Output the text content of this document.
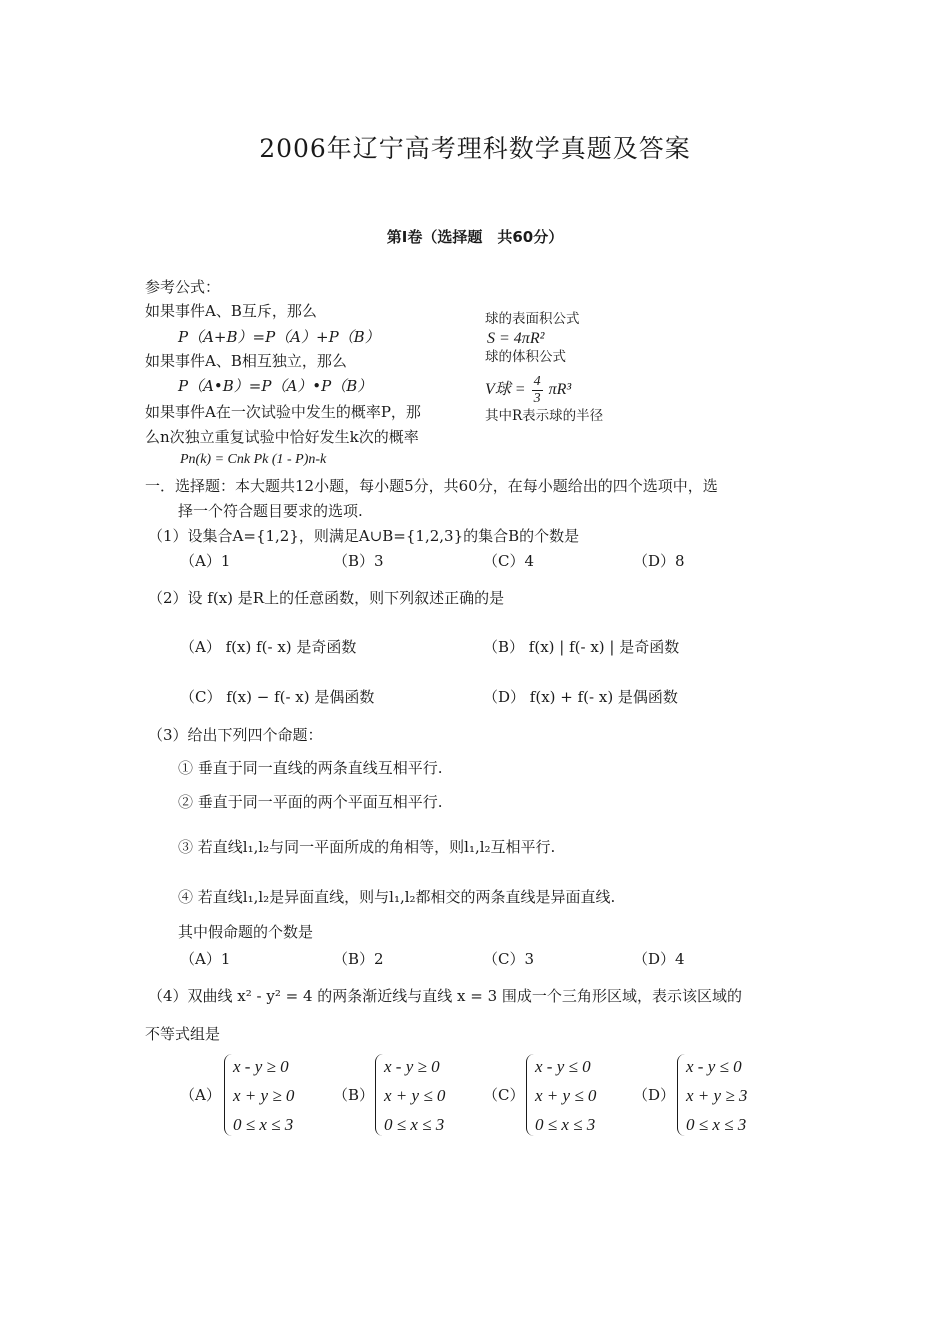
2006年辽宁高考理科数学真题及答案
第I卷（选择题　共60分）
参考公式：
如果事件A、B互斥，那么
P（A+B）=P（A）+P（B）
如果事件A、B相互独立，那么
P（A•B）=P（A）•P（B）
如果事件A在一次试验中发生的概率P，那
么n次独立重复试验中恰好发生k次的概率
Pn(k) = Cnk Pk (1 - P)n-k
球的表面积公式
S = 4πR²
球的体积公式
V球 = $\frac{4}{3} \pi R^3$
其中R表示球的半径
一．选择题：本大题共12小题，每小题5分，共60分，在每小题给出的四个选项中，选
择一个符合题目要求的选项.
（1）设集合A={1,2}，则满足A∪B={1,2,3}的集合B的个数是
（A）1	（B）3	（C）4	（D）8
（2）设 f(x) 是R上的任意函数，则下列叙述正确的是
（A） f(x) f(- x) 是奇函数	（B） f(x) | f(- x) | 是奇函数
（C） f(x) − f(- x) 是偶函数	（D） f(x) + f(- x) 是偶函数
（3）给出下列四个命题：
① 垂直于同一直线的两条直线互相平行.
② 垂直于同一平面的两个平面互相平行.
③ 若直线l₁,l₂与同一平面所成的角相等，则l₁,l₂互相平行.
④ 若直线l₁,l₂是异面直线，则与l₁,l₂都相交的两条直线是异面直线.
其中假命题的个数是
（A）1	（B）2	（C）3	（D）4
（4）双曲线 x² - y² = 4 的两条渐近线与直线 x = 3 围成一个三角形区域，表示该区域的
不等式组是
（A）
x - y ≥ 0
x + y ≥ 0
0 ≤ x ≤ 3
（B）
x - y ≥ 0
x + y ≤ 0
0 ≤ x ≤ 3
（C）
x - y ≤ 0
x + y ≤ 0
0 ≤ x ≤ 3
（D）
x - y ≤ 0
x + y ≥ 3
0 ≤ x ≤ 3
